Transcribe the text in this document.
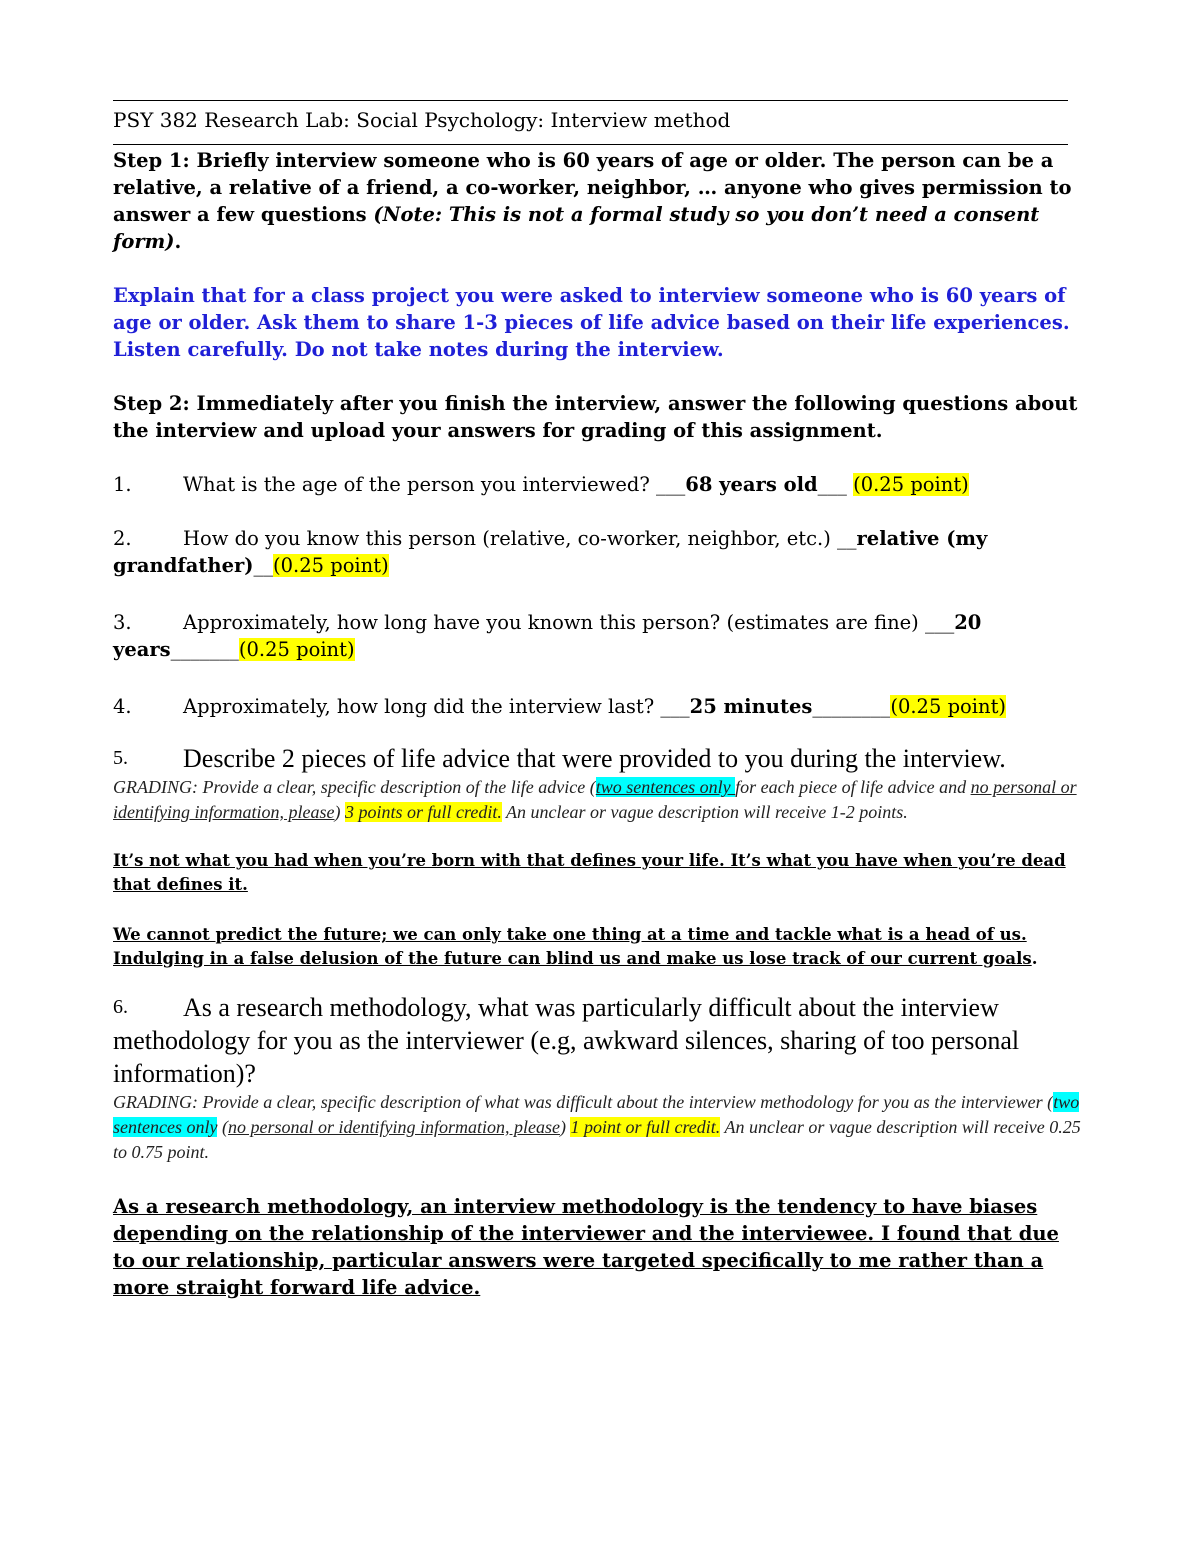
PSY 382 Research Lab: Social Psychology: Interview method
Step 1: Briefly interview someone who is 60 years of age or older. The person can be a relative, a relative of a friend, a co-worker, neighbor, … anyone who gives permission to answer a few questions (Note: This is not a formal study so you don’t need a consent form).
Explain that for a class project you were asked to interview someone who is 60 years of age or older. Ask them to share 1-3 pieces of life advice based on their life experiences. Listen carefully. Do not take notes during the interview.
Step 2: Immediately after you finish the interview, answer the following questions about the interview and upload your answers for grading of this assignment.
1.	What is the age of the person you interviewed? ___68 years old___ (0.25 point)
2.	How do you know this person (relative, co-worker, neighbor, etc.) __relative (my grandfather)__(0.25 point)
3.	Approximately, how long have you known this person? (estimates are fine) ___20 years_______(0.25 point)
4.	Approximately, how long did the interview last? ___25 minutes________(0.25 point)
5.	Describe 2 pieces of life advice that were provided to you during the interview.
GRADING: Provide a clear, specific description of the life advice (two sentences only for each piece of life advice and no personal or identifying information, please) 3 points or full credit. An unclear or vague description will receive 1-2 points.
It’s not what you had when you’re born with that defines your life. It’s what you have when you’re dead that defines it.
We cannot predict the future; we can only take one thing at a time and tackle what is a head of us. Indulging in a false delusion of the future can blind us and make us lose track of our current goals.
6.	As a research methodology, what was particularly difficult about the interview methodology for you as the interviewer (e.g, awkward silences, sharing of too personal information)?
GRADING: Provide a clear, specific description of what was difficult about the interview methodology for you as the interviewer (two sentences only (no personal or identifying information, please) 1 point or full credit. An unclear or vague description will receive 0.25 to 0.75 point.
As a research methodology, an interview methodology is the tendency to have biases depending on the relationship of the interviewer and the interviewee. I found that due to our relationship, particular answers were targeted specifically to me rather than a more straight forward life advice.
